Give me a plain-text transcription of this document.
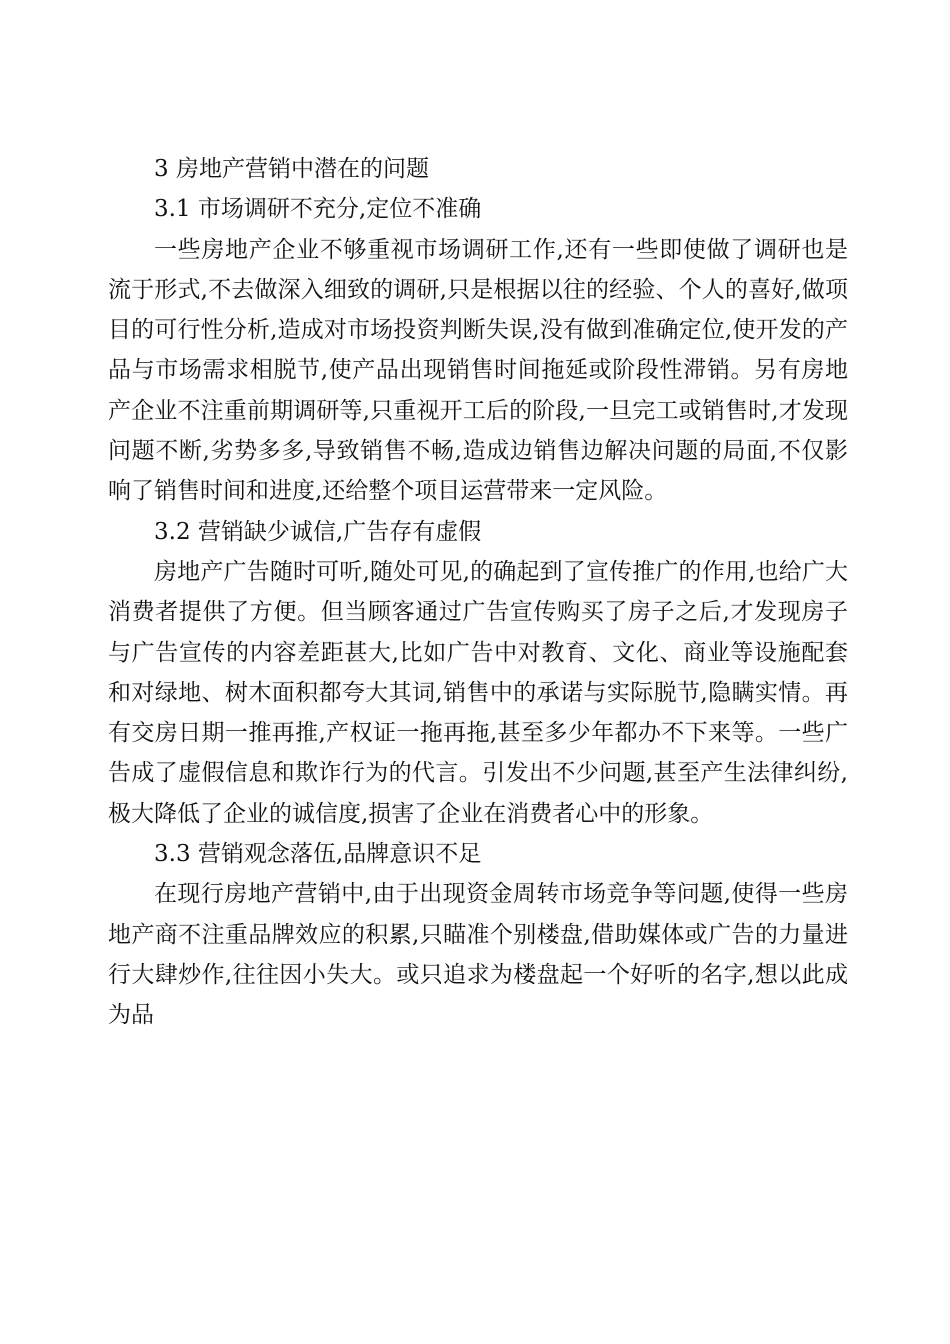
3 房地产营销中潜在的问题

3.1 市场调研不充分,定位不准确

一些房地产企业不够重视市场调研工作,还有一些即使做了调研也是流于形式,不去做深入细致的调研,只是根据以往的经验、个人的喜好,做项目的可行性分析,造成对市场投资判断失误,没有做到准确定位,使开发的产品与市场需求相脱节,使产品出现销售时间拖延或阶段性滞销。另有房地产企业不注重前期调研等,只重视开工后的阶段,一旦完工或销售时,才发现问题不断,劣势多多,导致销售不畅,造成边销售边解决问题的局面,不仅影响了销售时间和进度,还给整个项目运营带来一定风险。

3.2 营销缺少诚信,广告存有虚假

房地产广告随时可听,随处可见,的确起到了宣传推广的作用,也给广大消费者提供了方便。但当顾客通过广告宣传购买了房子之后,才发现房子与广告宣传的内容差距甚大,比如广告中对教育、文化、商业等设施配套和对绿地、树木面积都夸大其词,销售中的承诺与实际脱节,隐瞒实情。再有交房日期一推再推,产权证一拖再拖,甚至多少年都办不下来等。一些广告成了虚假信息和欺诈行为的代言。引发出不少问题,甚至产生法律纠纷,极大降低了企业的诚信度,损害了企业在消费者心中的形象。

3.3 营销观念落伍,品牌意识不足

在现行房地产营销中,由于出现资金周转市场竞争等问题,使得一些房地产商不注重品牌效应的积累,只瞄准个别楼盘,借助媒体或广告的力量进行大肆炒作,往往因小失大。或只追求为楼盘起一个好听的名字,想以此成为品
